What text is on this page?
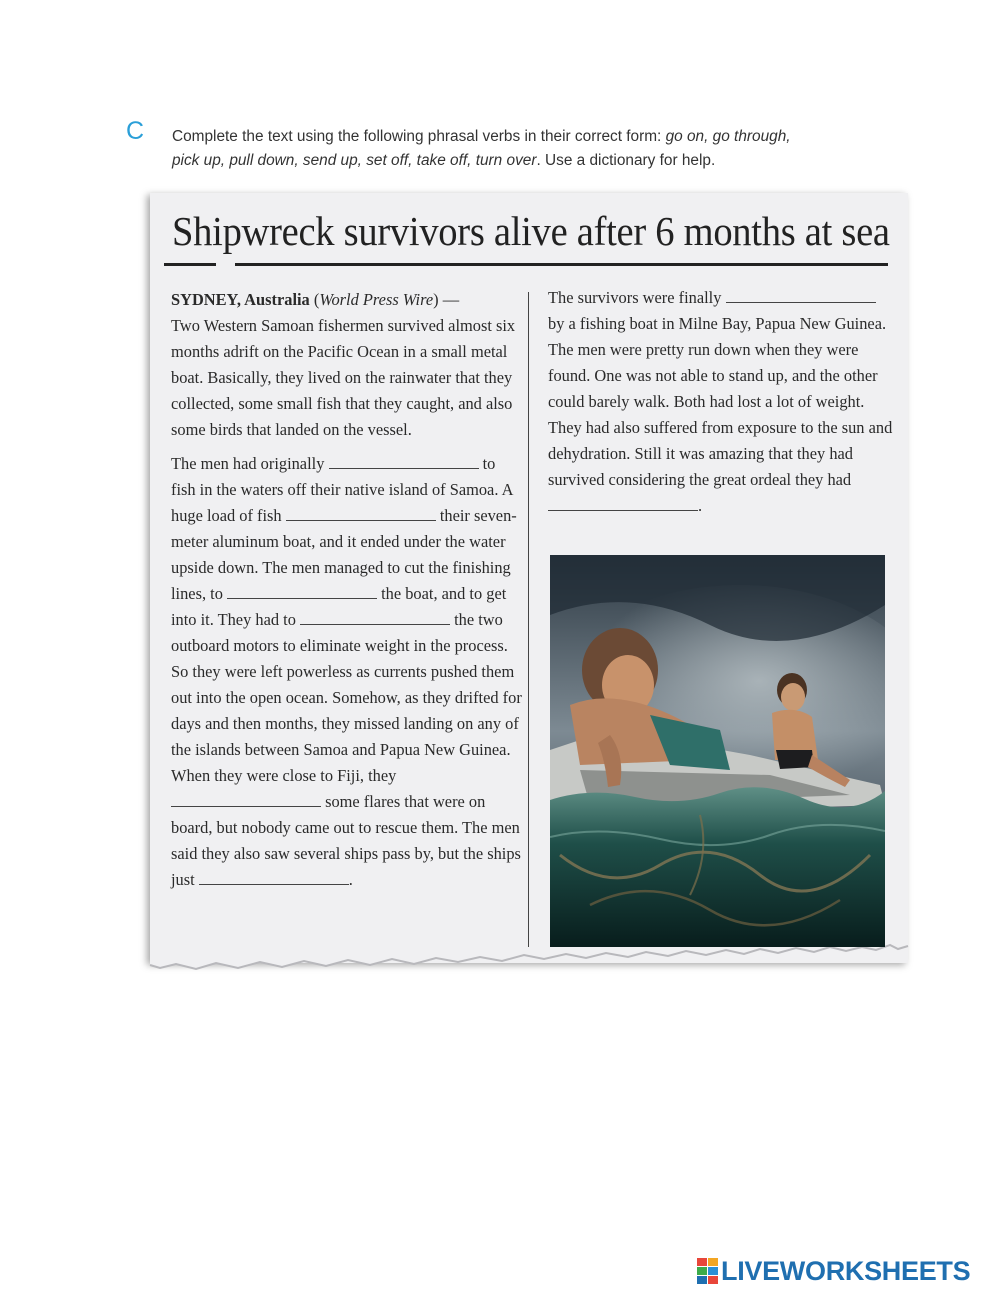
C Complete the text using the following phrasal verbs in their correct form: go on, go through,
pick up, pull down, send up, set off, take off, turn over. Use a dictionary for help.
Shipwreck survivors alive after 6 months at sea

SYDNEY, Australia (World Press Wire) —
Two Western Samoan fishermen survived almost six months adrift on the Pacific Ocean in a small metal boat. Basically, they lived on the rainwater that they collected, some small fish that they caught, and also some birds that landed on the vessel.

The men had originally	to fish in the waters off their native island of Samoa. A huge load of fish	their seven-meter aluminum boat, and it ended under the water upside down. The men managed to cut the finishing lines, to	the boat, and to get into it. They had to	the two outboard motors to eliminate weight in the process. So they were left powerless as currents pushed them out into the open ocean. Somehow, as they drifted for days and then months, they missed landing on any of the islands between Samoa and Papua New Guinea. When they were close to Fiji, they  some flares that were on board, but nobody came out to rescue them. The men said they also saw several ships pass by, but the ships just	.

The survivors were finally  by a fishing boat in Milne Bay, Papua New Guinea. The men were pretty run down when they were found. One was not able to stand up, and the other could barely walk. Both had lost a lot of weight. They had also suffered from exposure to the sun and dehydration. Still it was amazing that they had survived considering the great ordeal they had .

LIVEWORKSHEETS
